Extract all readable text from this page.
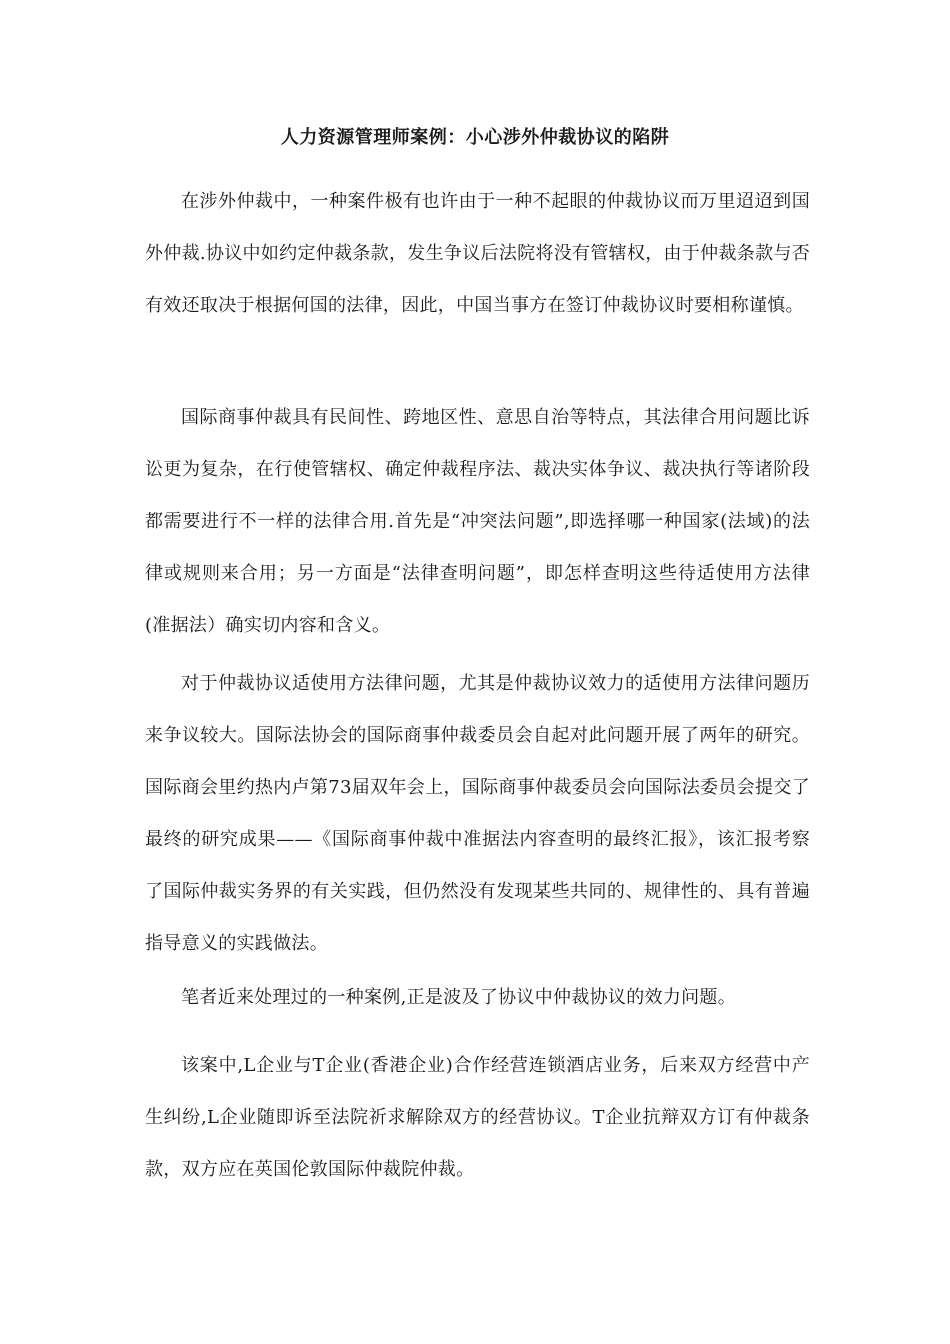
人力资源管理师案例：小心涉外仲裁协议的陷阱

在涉外仲裁中，一种案件极有也许由于一种不起眼的仲裁协议而万里迢迢到国外仲裁.协议中如约定仲裁条款，发生争议后法院将没有管辖权，由于仲裁条款与否有效还取决于根据何国的法律，因此，中国当事方在签订仲裁协议时要相称谨慎。

国际商事仲裁具有民间性、跨地区性、意思自治等特点，其法律合用问题比诉讼更为复杂，在行使管辖权、确定仲裁程序法、裁决实体争议、裁决执行等诸阶段都需要进行不一样的法律合用.首先是“冲突法问题”,即选择哪一种国家(法域)的法律或规则来合用；另一方面是“法律查明问题”，即怎样查明这些待适使用方法律(准据法）确实切内容和含义。

对于仲裁协议适使用方法律问题，尤其是仲裁协议效力的适使用方法律问题历来争议较大。国际法协会的国际商事仲裁委员会自起对此问题开展了两年的研究。国际商会里约热内卢第73届双年会上，国际商事仲裁委员会向国际法委员会提交了最终的研究成果——《国际商事仲裁中准据法内容查明的最终汇报》，该汇报考察了国际仲裁实务界的有关实践，但仍然没有发现某些共同的、规律性的、具有普遍指导意义的实践做法。

笔者近来处理过的一种案例,正是波及了协议中仲裁协议的效力问题。

该案中,L企业与T企业(香港企业)合作经营连锁酒店业务，后来双方经营中产生纠纷,L企业随即诉至法院祈求解除双方的经营协议。T企业抗辩双方订有仲裁条款，双方应在英国伦敦国际仲裁院仲裁。
